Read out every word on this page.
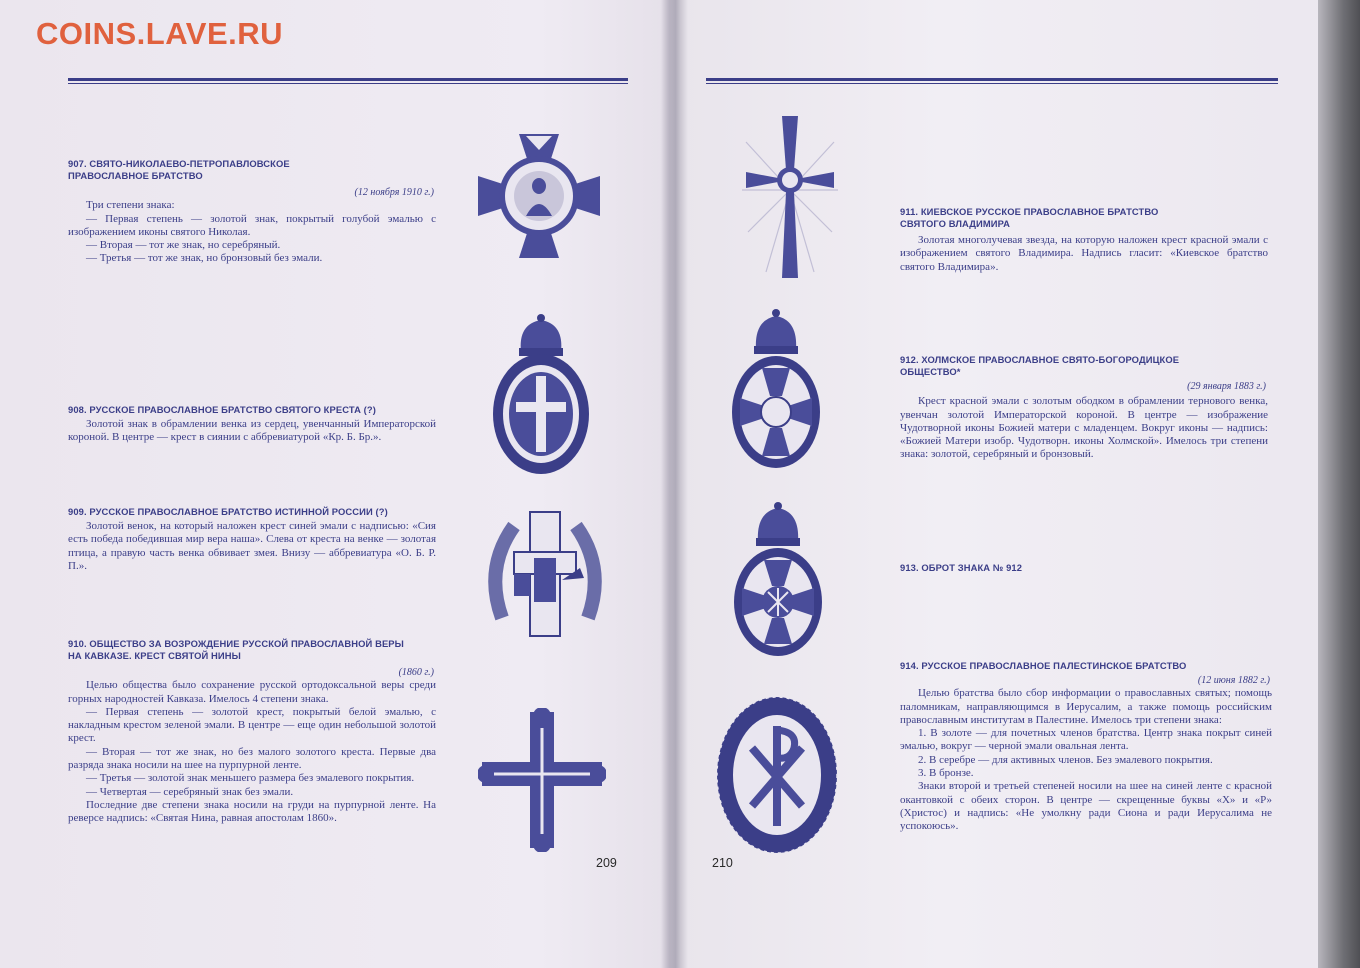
COINS.LAVE.RU
907. СВЯТО-НИКОЛАЕВО-ПЕТРОПАВЛОВСКОЕ
ПРАВОСЛАВНОЕ БРАТСТВО
(12 ноября 1910 г.)

Три степени знака:

— Первая степень — золотой знак, покрытый голубой эмалью с изображением иконы святого Николая.

— Вторая — тот же знак, но серебряный.

— Третья — тот же знак, но бронзовый без эмали.

908. РУССКОЕ ПРАВОСЛАВНОЕ БРАТСТВО СВЯТОГО КРЕСТА (?)

Золотой знак в обрамлении венка из сердец, увенчанный Императорской короной. В центре — крест в сиянии с аббревиатурой «Кр. Б. Бр.».

909. РУССКОЕ ПРАВОСЛАВНОЕ БРАТСТВО ИСТИННОЙ РОССИИ (?)

Золотой венок, на который наложен крест синей эмали с надписью: «Сия есть победа победившая мир вера наша». Слева от креста на венке — золотая птица, а правую часть венка обвивает змея. Внизу — аббревиатура «О. Б. Р. П.».

910. ОБЩЕСТВО ЗА ВОЗРОЖДЕНИЕ РУССКОЙ ПРАВОСЛАВНОЙ ВЕРЫ
НА КАВКАЗЕ. КРЕСТ СВЯТОЙ НИНЫ
(1860 г.)

Целью общества было сохранение русской ортодоксальной веры среди горных народностей Кавказа. Имелось 4 степени знака.

— Первая степень — золотой крест, покрытый белой эмалью, с накладным крестом зеленой эмали. В центре — еще один небольшой золотой крест.

— Вторая — тот же знак, но без малого золотого креста. Первые два разряда знака носили на шее на пурпурной ленте.

— Третья — золотой знак меньшего размера без эмалевого покрытия.

— Четвертая — серебряный знак без эмали.

Последние две степени знака носили на груди на пурпурной ленте. На реверсе надпись: «Святая Нина, равная апостолам 1860».

209
911. КИЕВСКОЕ РУССКОЕ ПРАВОСЛАВНОЕ БРАТСТВО
СВЯТОГО ВЛАДИМИРА

Золотая многолучевая звезда, на которую наложен крест красной эмали с изображением святого Владимира. Надпись гласит: «Киевское братство святого Владимира».

912. ХОЛМСКОЕ ПРАВОСЛАВНОЕ СВЯТО-БОГОРОДИЦКОЕ
ОБЩЕСТВО*
(29 января 1883 г.)

Крест красной эмали с золотым ободком в обрамлении тернового венка, увенчан золотой Императорской короной. В центре — изображение Чудотворной иконы Божией матери с младенцем. Вокруг иконы — надпись: «Божией Матери изобр. Чудотворн. иконы Холмской». Имелось три степени знака: золотой, серебряный и бронзовый.

913. ОБРОТ ЗНАКА № 912
914. РУССКОЕ ПРАВОСЛАВНОЕ ПАЛЕСТИНСКОЕ БРАТСТВО
(12 июня 1882 г.)

Целью братства было сбор информации о православных святых; помощь паломникам, направляющимся в Иерусалим, а также помощь российским православным институтам в Палестине. Имелось три степени знака:

1. В золоте — для почетных членов братства. Центр знака покрыт синей эмалью, вокруг — черной эмали овальная лента.

2. В серебре — для активных членов. Без эмалевого покрытия.

3. В бронзе.

Знаки второй и третьей степеней носили на шее на синей ленте с красной окантовкой с обеих сторон. В центре — скрещенные буквы «Х» и «Р» (Христос) и надпись: «Не умолкну ради Сиона и ради Иерусалима не успокоюсь».

210
